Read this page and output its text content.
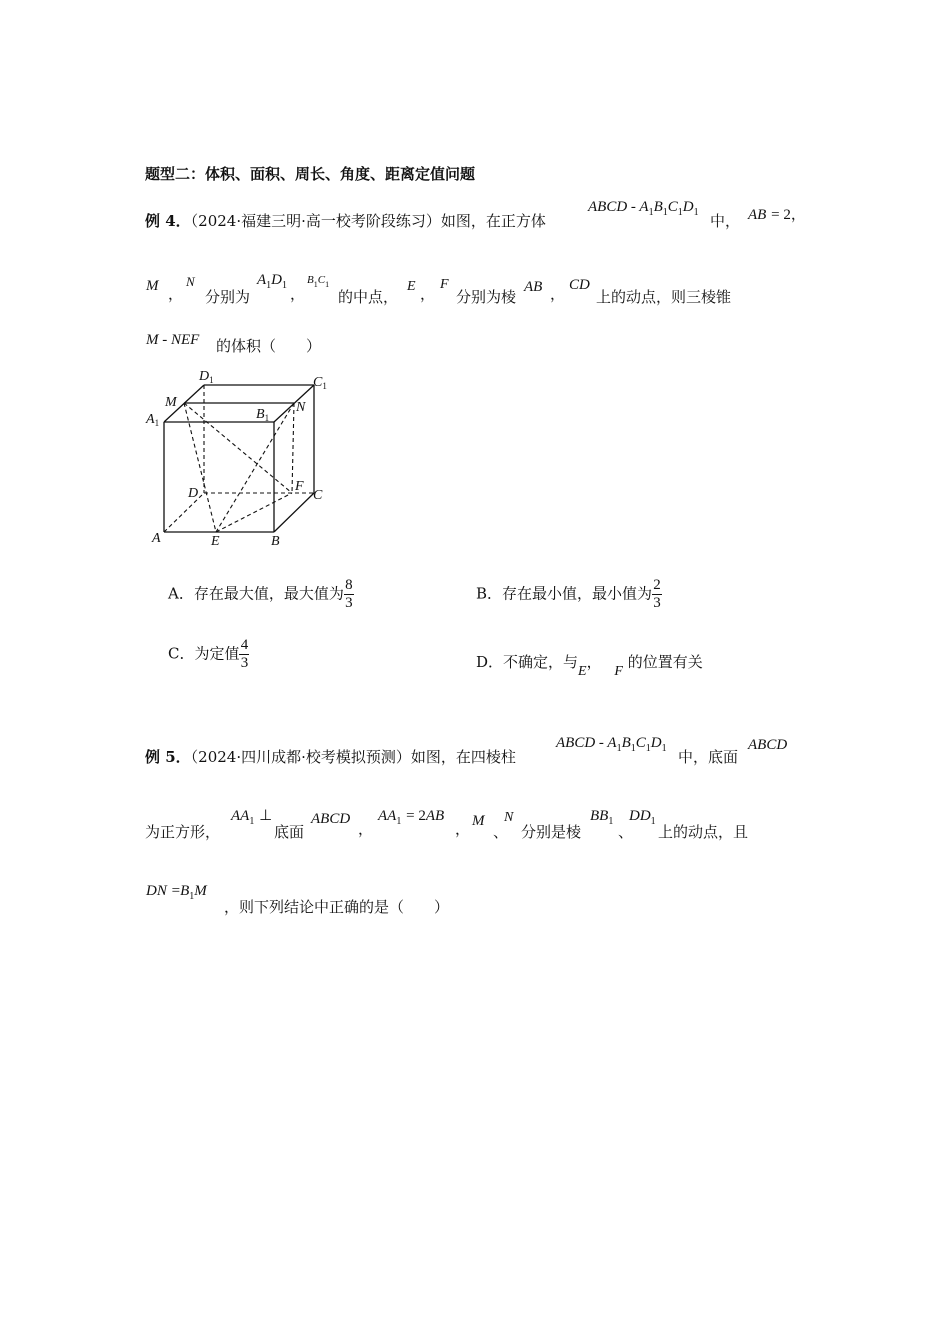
题型二：体积、面积、周长、角度、距离定值问题
例 4．（2024·福建三明·高一校考阶段练习）如图，在正方体
ABCD - $A_1B_1C_1D_1$ 中， AB = 2，
M ，
N
分别为
$A_1D_1$ ，
$B_1C_1$
的中点，
E ，
F
分别为棱
AB ， CD
上的动点，则三棱锥
M - NEF 的体积（　　）
$D_1$	$C_1$
M
$B_1$
N
$A_1$
D	F
C
A	E	B
A．存在最大值，最大值为 $\frac{8}{3}$	B．存在最小值，最小值为 $\frac{2}{3}$
C．为定值 $\frac{4}{3}$	D．不确定，与E， F 的位置有关
例 5．（2024·四川成都·校考模拟预测）如图，在四棱柱
ABCD - $A_1B_1C_1D_1$ 中，底面
ABCD
为正方形，
$AA_1$ ⊥
底面
ABCD
，
$AA_1 = 2AB$
， M
、
N
分别是棱
$BB_1$
、
$DD_1$
上的动点，且
DN $=B_1M$
，则下列结论中正确的是（　　）
